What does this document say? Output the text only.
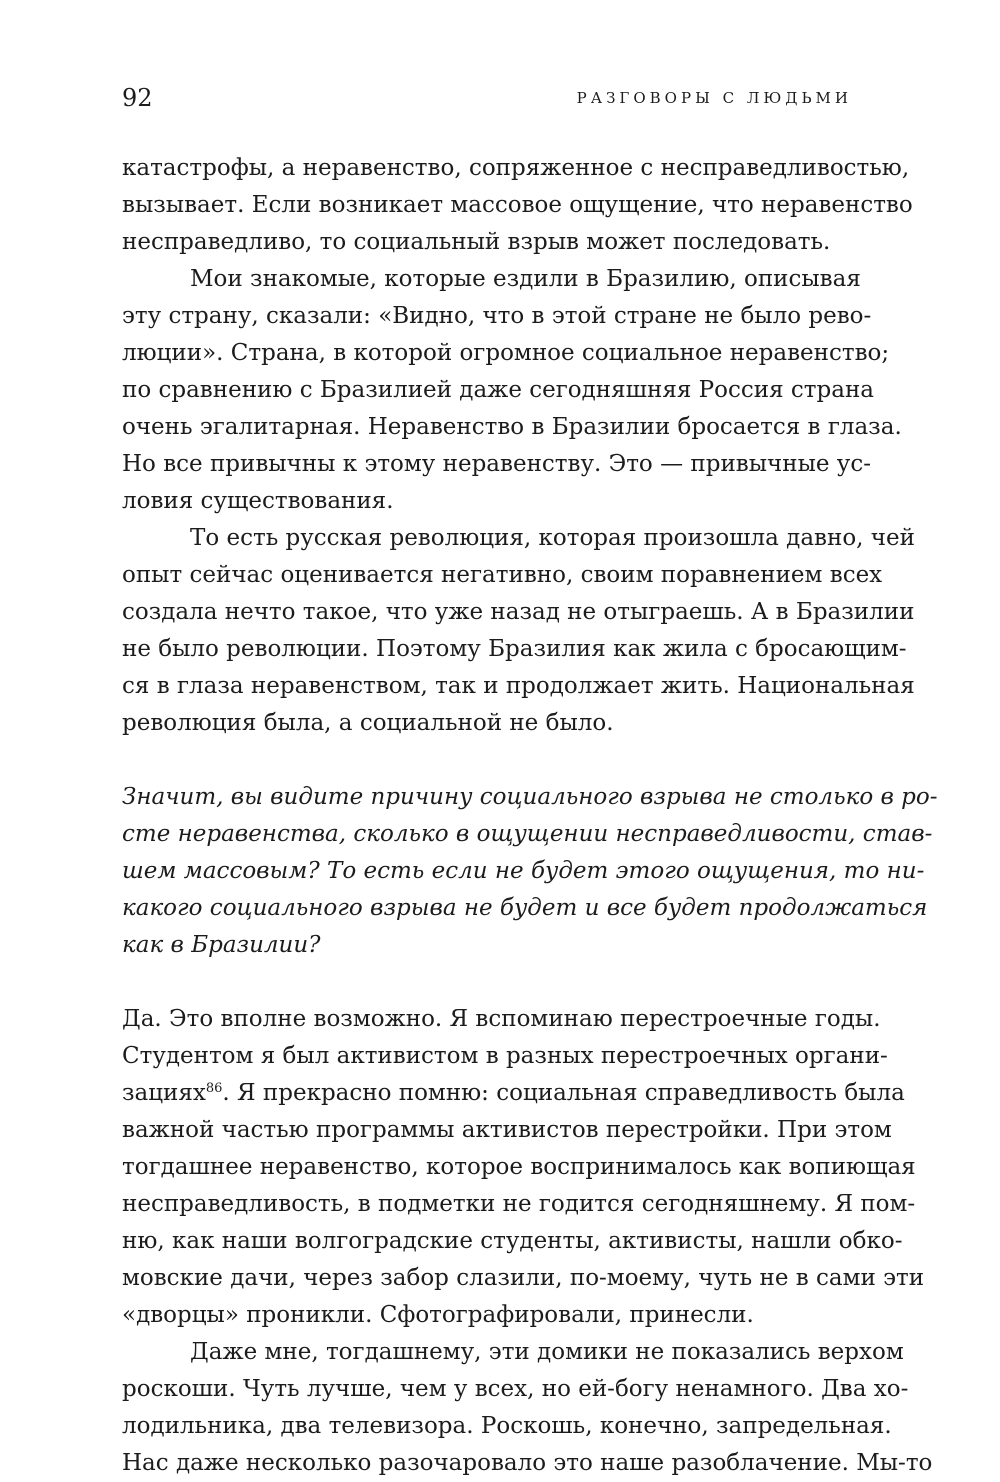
92	РАЗГОВОРЫ С ЛЮДЬМИ

катастрофы, а неравенство, сопряженное с несправедливостью,
вызывает. Если возникает массовое ощущение, что неравенство
несправедливо, то социальный взрыв может последовать.

Мои знакомые, которые ездили в Бразилию, описывая
эту страну, сказали: «Видно, что в этой стране не было рево-
люции». Страна, в которой огромное социальное неравенство;
по сравнению с Бразилией даже сегодняшняя Россия страна
очень эгалитарная. Неравенство в Бразилии бросается в глаза.
Но все привычны к этому неравенству. Это — привычные ус-
ловия существования.

То есть русская революция, которая произошла давно, чей
опыт сейчас оценивается негативно, своим поравнением всех
создала нечто такое, что уже назад не отыграешь. А в Бразилии
не было революции. Поэтому Бразилия как жила с бросающим-
ся в глаза неравенством, так и продолжает жить. Национальная
революция была, а социальной не было.

Значит, вы видите причину социального взрыва не столько в ро-
сте неравенства, сколько в ощущении несправедливости, став-
шем массовым? То есть если не будет этого ощущения, то ни-
какого социального взрыва не будет и все будет продолжаться
как в Бразилии?

Да. Это вполне возможно. Я вспоминаю перестроечные годы.
Студентом я был активистом в разных перестроечных органи-
зациях$^{86}$. Я прекрасно помню: социальная справедливость была
важной частью программы активистов перестройки. При этом
тогдашнее неравенство, которое воспринималось как вопиющая
несправедливость, в подметки не годится сегодняшнему. Я пом-
ню, как наши волгоградские студенты, активисты, нашли обко-
мовские дачи, через забор слазили, по-моему, чуть не в сами эти
«дворцы» проникли. Сфотографировали, принесли.

Даже мне, тогдашнему, эти домики не показались верхом
роскоши. Чуть лучше, чем у всех, но ей-богу ненамного. Два хо-
лодильника, два телевизора. Роскошь, конечно, запредельная.
Нас даже несколько разочаровало это наше разоблачение. Мы-то
